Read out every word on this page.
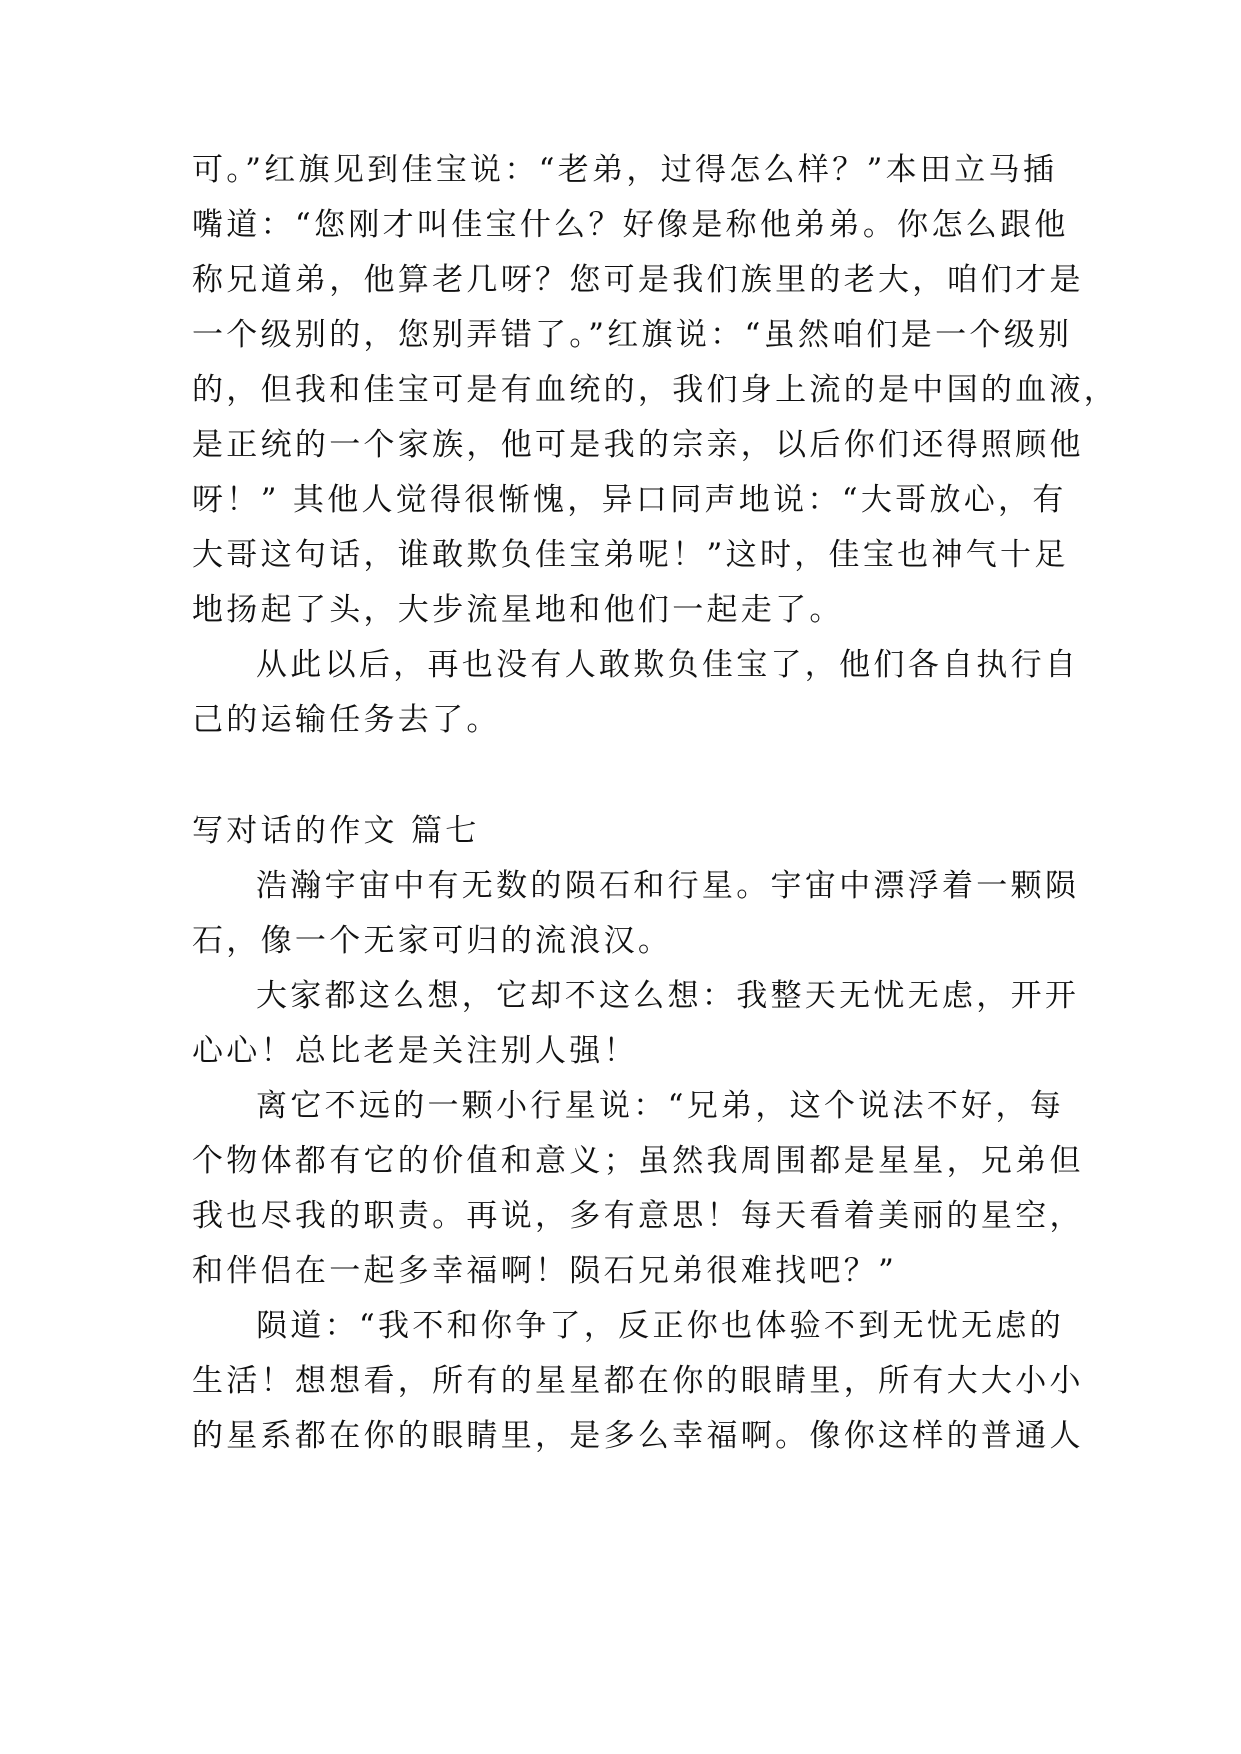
可。”红旗见到佳宝说：“老弟，过得怎么样？”本田立马插
嘴道：“您刚才叫佳宝什么？好像是称他弟弟。你怎么跟他
称兄道弟，他算老几呀？您可是我们族里的老大，咱们才是
一个级别的，您别弄错了。”红旗说：“虽然咱们是一个级别
的，但我和佳宝可是有血统的，我们身上流的是中国的血液，
是正统的一个家族，他可是我的宗亲，以后你们还得照顾他
呀！” 其他人觉得很惭愧，异口同声地说：“大哥放心，有
大哥这句话，谁敢欺负佳宝弟呢！”这时，佳宝也神气十足
地扬起了头，大步流星地和他们一起走了。
从此以后，再也没有人敢欺负佳宝了，他们各自执行自
己的运输任务去了。
写对话的作文 篇七
浩瀚宇宙中有无数的陨石和行星。宇宙中漂浮着一颗陨
石，像一个无家可归的流浪汉。
大家都这么想，它却不这么想：我整天无忧无虑，开开
心心！总比老是关注别人强！
离它不远的一颗小行星说：“兄弟，这个说法不好，每
个物体都有它的价值和意义；虽然我周围都是星星，兄弟但
我也尽我的职责。再说，多有意思！每天看着美丽的星空，
和伴侣在一起多幸福啊！陨石兄弟很难找吧？”
陨道：“我不和你争了，反正你也体验不到无忧无虑的
生活！想想看，所有的星星都在你的眼睛里，所有大大小小
的星系都在你的眼睛里，是多么幸福啊。像你这样的普通人
